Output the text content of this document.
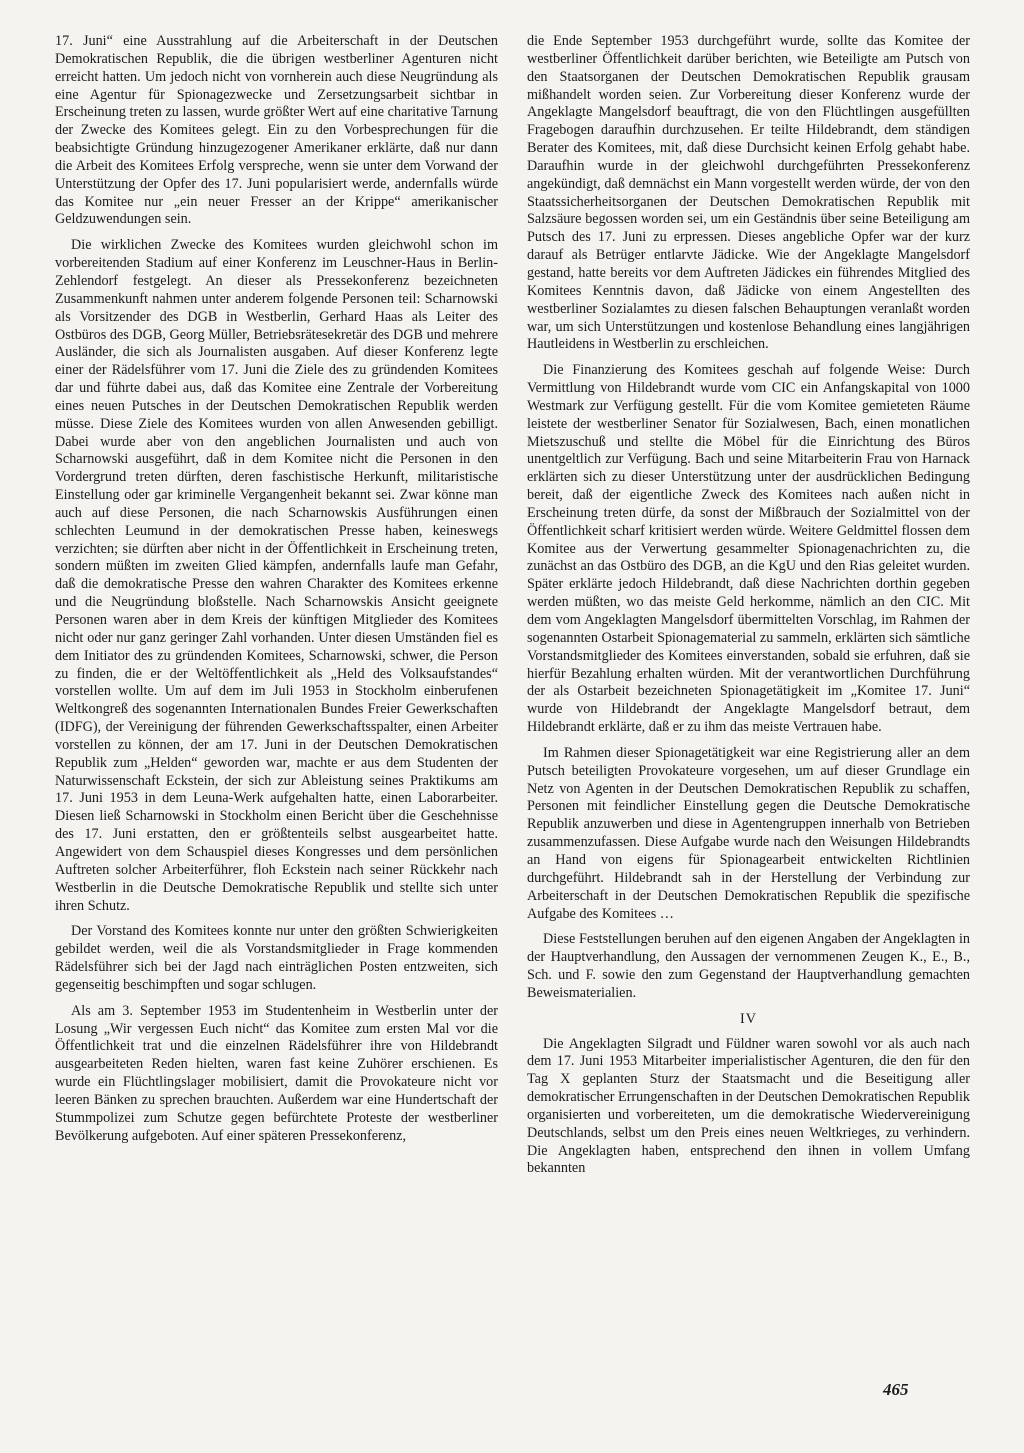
17. Juni“ eine Ausstrahlung auf die Arbeiterschaft in der Deutschen Demokratischen Republik, die die übrigen westberliner Agenturen nicht erreicht hatten. Um jedoch nicht von vornherein auch diese Neugründung als eine Agentur für Spionagezwecke und Zersetzungsarbeit sichtbar in Erscheinung treten zu lassen, wurde größter Wert auf eine charitative Tarnung der Zwecke des Komitees gelegt. Ein zu den Vorbesprechungen für die beabsichtigte Gründung hinzugezogener Amerikaner erklärte, daß nur dann die Arbeit des Komitees Erfolg verspreche, wenn sie unter dem Vorwand der Unterstützung der Opfer des 17. Juni popularisiert werde, andernfalls würde das Komitee nur „ein neuer Fresser an der Krippe“ amerikanischer Geldzuwendungen sein.

Die wirklichen Zwecke des Komitees wurden gleichwohl schon im vorbereitenden Stadium auf einer Konferenz im Leuschner-Haus in Berlin-Zehlendorf festgelegt. An dieser als Pressekonferenz bezeichneten Zusammenkunft nahmen unter anderem folgende Personen teil: Scharnowski als Vorsitzender des DGB in Westberlin, Gerhard Haas als Leiter des Ostbüros des DGB, Georg Müller, Betriebsrätesekretär des DGB und mehrere Ausländer, die sich als Journalisten ausgaben. Auf dieser Konferenz legte einer der Rädelsführer vom 17. Juni die Ziele des zu gründenden Komitees dar und führte dabei aus, daß das Komitee eine Zentrale der Vorbereitung eines neuen Putsches in der Deutschen Demokratischen Republik werden müsse. Diese Ziele des Komitees wurden von allen Anwesenden gebilligt. Dabei wurde aber von den angeblichen Journalisten und auch von Scharnowski ausgeführt, daß in dem Komitee nicht die Personen in den Vordergrund treten dürften, deren faschistische Herkunft, militaristische Einstellung oder gar kriminelle Vergangenheit bekannt sei. Zwar könne man auch auf diese Personen, die nach Scharnowskis Ausführungen einen schlechten Leumund in der demokratischen Presse haben, keineswegs verzichten; sie dürften aber nicht in der Öffentlichkeit in Erscheinung treten, sondern müßten im zweiten Glied kämpfen, andernfalls laufe man Gefahr, daß die demokratische Presse den wahren Charakter des Komitees erkenne und die Neugründung bloßstelle. Nach Scharnowskis Ansicht geeignete Personen waren aber in dem Kreis der künftigen Mitglieder des Komitees nicht oder nur ganz geringer Zahl vorhanden. Unter diesen Umständen fiel es dem Initiator des zu gründenden Komitees, Scharnowski, schwer, die Person zu finden, die er der Weltöffentlichkeit als „Held des Volksaufstandes“ vorstellen wollte. Um auf dem im Juli 1953 in Stockholm einberufenen Weltkongreß des sogenannten Internationalen Bundes Freier Gewerkschaften (IDFG), der Vereinigung der führenden Gewerkschaftsspalter, einen Arbeiter vorstellen zu können, der am 17. Juni in der Deutschen Demokratischen Republik zum „Helden“ geworden war, machte er aus dem Studenten der Naturwissenschaft Eckstein, der sich zur Ableistung seines Praktikums am 17. Juni 1953 in dem Leuna-Werk aufgehalten hatte, einen Laborarbeiter. Diesen ließ Scharnowski in Stockholm einen Bericht über die Geschehnisse des 17. Juni erstatten, den er größtenteils selbst ausgearbeitet hatte. Angewidert von dem Schauspiel dieses Kongresses und dem persönlichen Auftreten solcher Arbeiterführer, floh Eckstein nach seiner Rückkehr nach Westberlin in die Deutsche Demokratische Republik und stellte sich unter ihren Schutz.

Der Vorstand des Komitees konnte nur unter den größten Schwierigkeiten gebildet werden, weil die als Vorstandsmitglieder in Frage kommenden Rädelsführer sich bei der Jagd nach einträglichen Posten entzweiten, sich gegenseitig beschimpften und sogar schlugen.

Als am 3. September 1953 im Studentenheim in Westberlin unter der Losung „Wir vergessen Euch nicht“ das Komitee zum ersten Mal vor die Öffentlichkeit trat und die einzelnen Rädelsführer ihre von Hildebrandt ausgearbeiteten Reden hielten, waren fast keine Zuhörer erschienen. Es wurde ein Flüchtlingslager mobilisiert, damit die Provokateure nicht vor leeren Bänken zu sprechen brauchten. Außerdem war eine Hundertschaft der Stummpolizei zum Schutze gegen befürchtete Proteste der westberliner Bevölkerung aufgeboten. Auf einer späteren Pressekonferenz,

die Ende September 1953 durchgeführt wurde, sollte das Komitee der westberliner Öffentlichkeit darüber berichten, wie Beteiligte am Putsch von den Staatsorganen der Deutschen Demokratischen Republik grausam mißhandelt worden seien. Zur Vorbereitung dieser Konferenz wurde der Angeklagte Mangelsdorf beauftragt, die von den Flüchtlingen ausgefüllten Fragebogen daraufhin durchzusehen. Er teilte Hildebrandt, dem ständigen Berater des Komitees, mit, daß diese Durchsicht keinen Erfolg gehabt habe. Daraufhin wurde in der gleichwohl durchgeführten Pressekonferenz angekündigt, daß demnächst ein Mann vorgestellt werden würde, der von den Staatssicherheitsorganen der Deutschen Demokratischen Republik mit Salzsäure begossen worden sei, um ein Geständnis über seine Beteiligung am Putsch des 17. Juni zu erpressen. Dieses angebliche Opfer war der kurz darauf als Betrüger entlarvte Jädicke. Wie der Angeklagte Mangelsdorf gestand, hatte bereits vor dem Auftreten Jädickes ein führendes Mitglied des Komitees Kenntnis davon, daß Jädicke von einem Angestellten des westberliner Sozialamtes zu diesen falschen Behauptungen veranlaßt worden war, um sich Unterstützungen und kostenlose Behandlung eines langjährigen Hautleidens in Westberlin zu erschleichen.

Die Finanzierung des Komitees geschah auf folgende Weise: Durch Vermittlung von Hildebrandt wurde vom CIC ein Anfangskapital von 1000 Westmark zur Verfügung gestellt. Für die vom Komitee gemieteten Räume leistete der westberliner Senator für Sozialwesen, Bach, einen monatlichen Mietszuschuß und stellte die Möbel für die Einrichtung des Büros unentgeltlich zur Verfügung. Bach und seine Mitarbeiterin Frau von Harnack erklärten sich zu dieser Unterstützung unter der ausdrücklichen Bedingung bereit, daß der eigentliche Zweck des Komitees nach außen nicht in Erscheinung treten dürfe, da sonst der Mißbrauch der Sozialmittel von der Öffentlichkeit scharf kritisiert werden würde. Weitere Geldmittel flossen dem Komitee aus der Verwertung gesammelter Spionagenachrichten zu, die zunächst an das Ostbüro des DGB, an die KgU und den Rias geleitet wurden. Später erklärte jedoch Hildebrandt, daß diese Nachrichten dorthin gegeben werden müßten, wo das meiste Geld herkomme, nämlich an den CIC. Mit dem vom Angeklagten Mangelsdorf übermittelten Vorschlag, im Rahmen der sogenannten Ostarbeit Spionagematerial zu sammeln, erklärten sich sämtliche Vorstandsmitglieder des Komitees einverstanden, sobald sie erfuhren, daß sie hierfür Bezahlung erhalten würden. Mit der verantwortlichen Durchführung der als Ostarbeit bezeichneten Spionagetätigkeit im „Komitee 17. Juni“ wurde von Hildebrandt der Angeklagte Mangelsdorf betraut, dem Hildebrandt erklärte, daß er zu ihm das meiste Vertrauen habe.

Im Rahmen dieser Spionagetätigkeit war eine Registrierung aller an dem Putsch beteiligten Provokateure vorgesehen, um auf dieser Grundlage ein Netz von Agenten in der Deutschen Demokratischen Republik zu schaffen, Personen mit feindlicher Einstellung gegen die Deutsche Demokratische Republik anzuwerben und diese in Agentengruppen innerhalb von Betrieben zusammenzufassen. Diese Aufgabe wurde nach den Weisungen Hildebrandts an Hand von eigens für Spionagearbeit entwickelten Richtlinien durchgeführt. Hildebrandt sah in der Herstellung der Verbindung zur Arbeiterschaft in der Deutschen Demokratischen Republik die spezifische Aufgabe des Komitees …

Diese Feststellungen beruhen auf den eigenen Angaben der Angeklagten in der Hauptverhandlung, den Aussagen der vernommenen Zeugen K., E., B., Sch. und F. sowie den zum Gegenstand der Hauptverhandlung gemachten Beweismaterialien.

IV

Die Angeklagten Silgradt und Füldner waren sowohl vor als auch nach dem 17. Juni 1953 Mitarbeiter imperialistischer Agenturen, die den für den Tag X geplanten Sturz der Staatsmacht und die Beseitigung aller demokratischer Errungenschaften in der Deutschen Demokratischen Republik organisierten und vorbereiteten, um die demokratische Wiedervereinigung Deutschlands, selbst um den Preis eines neuen Weltkrieges, zu verhindern. Die Angeklagten haben, entsprechend den ihnen in vollem Umfang bekannten

465
